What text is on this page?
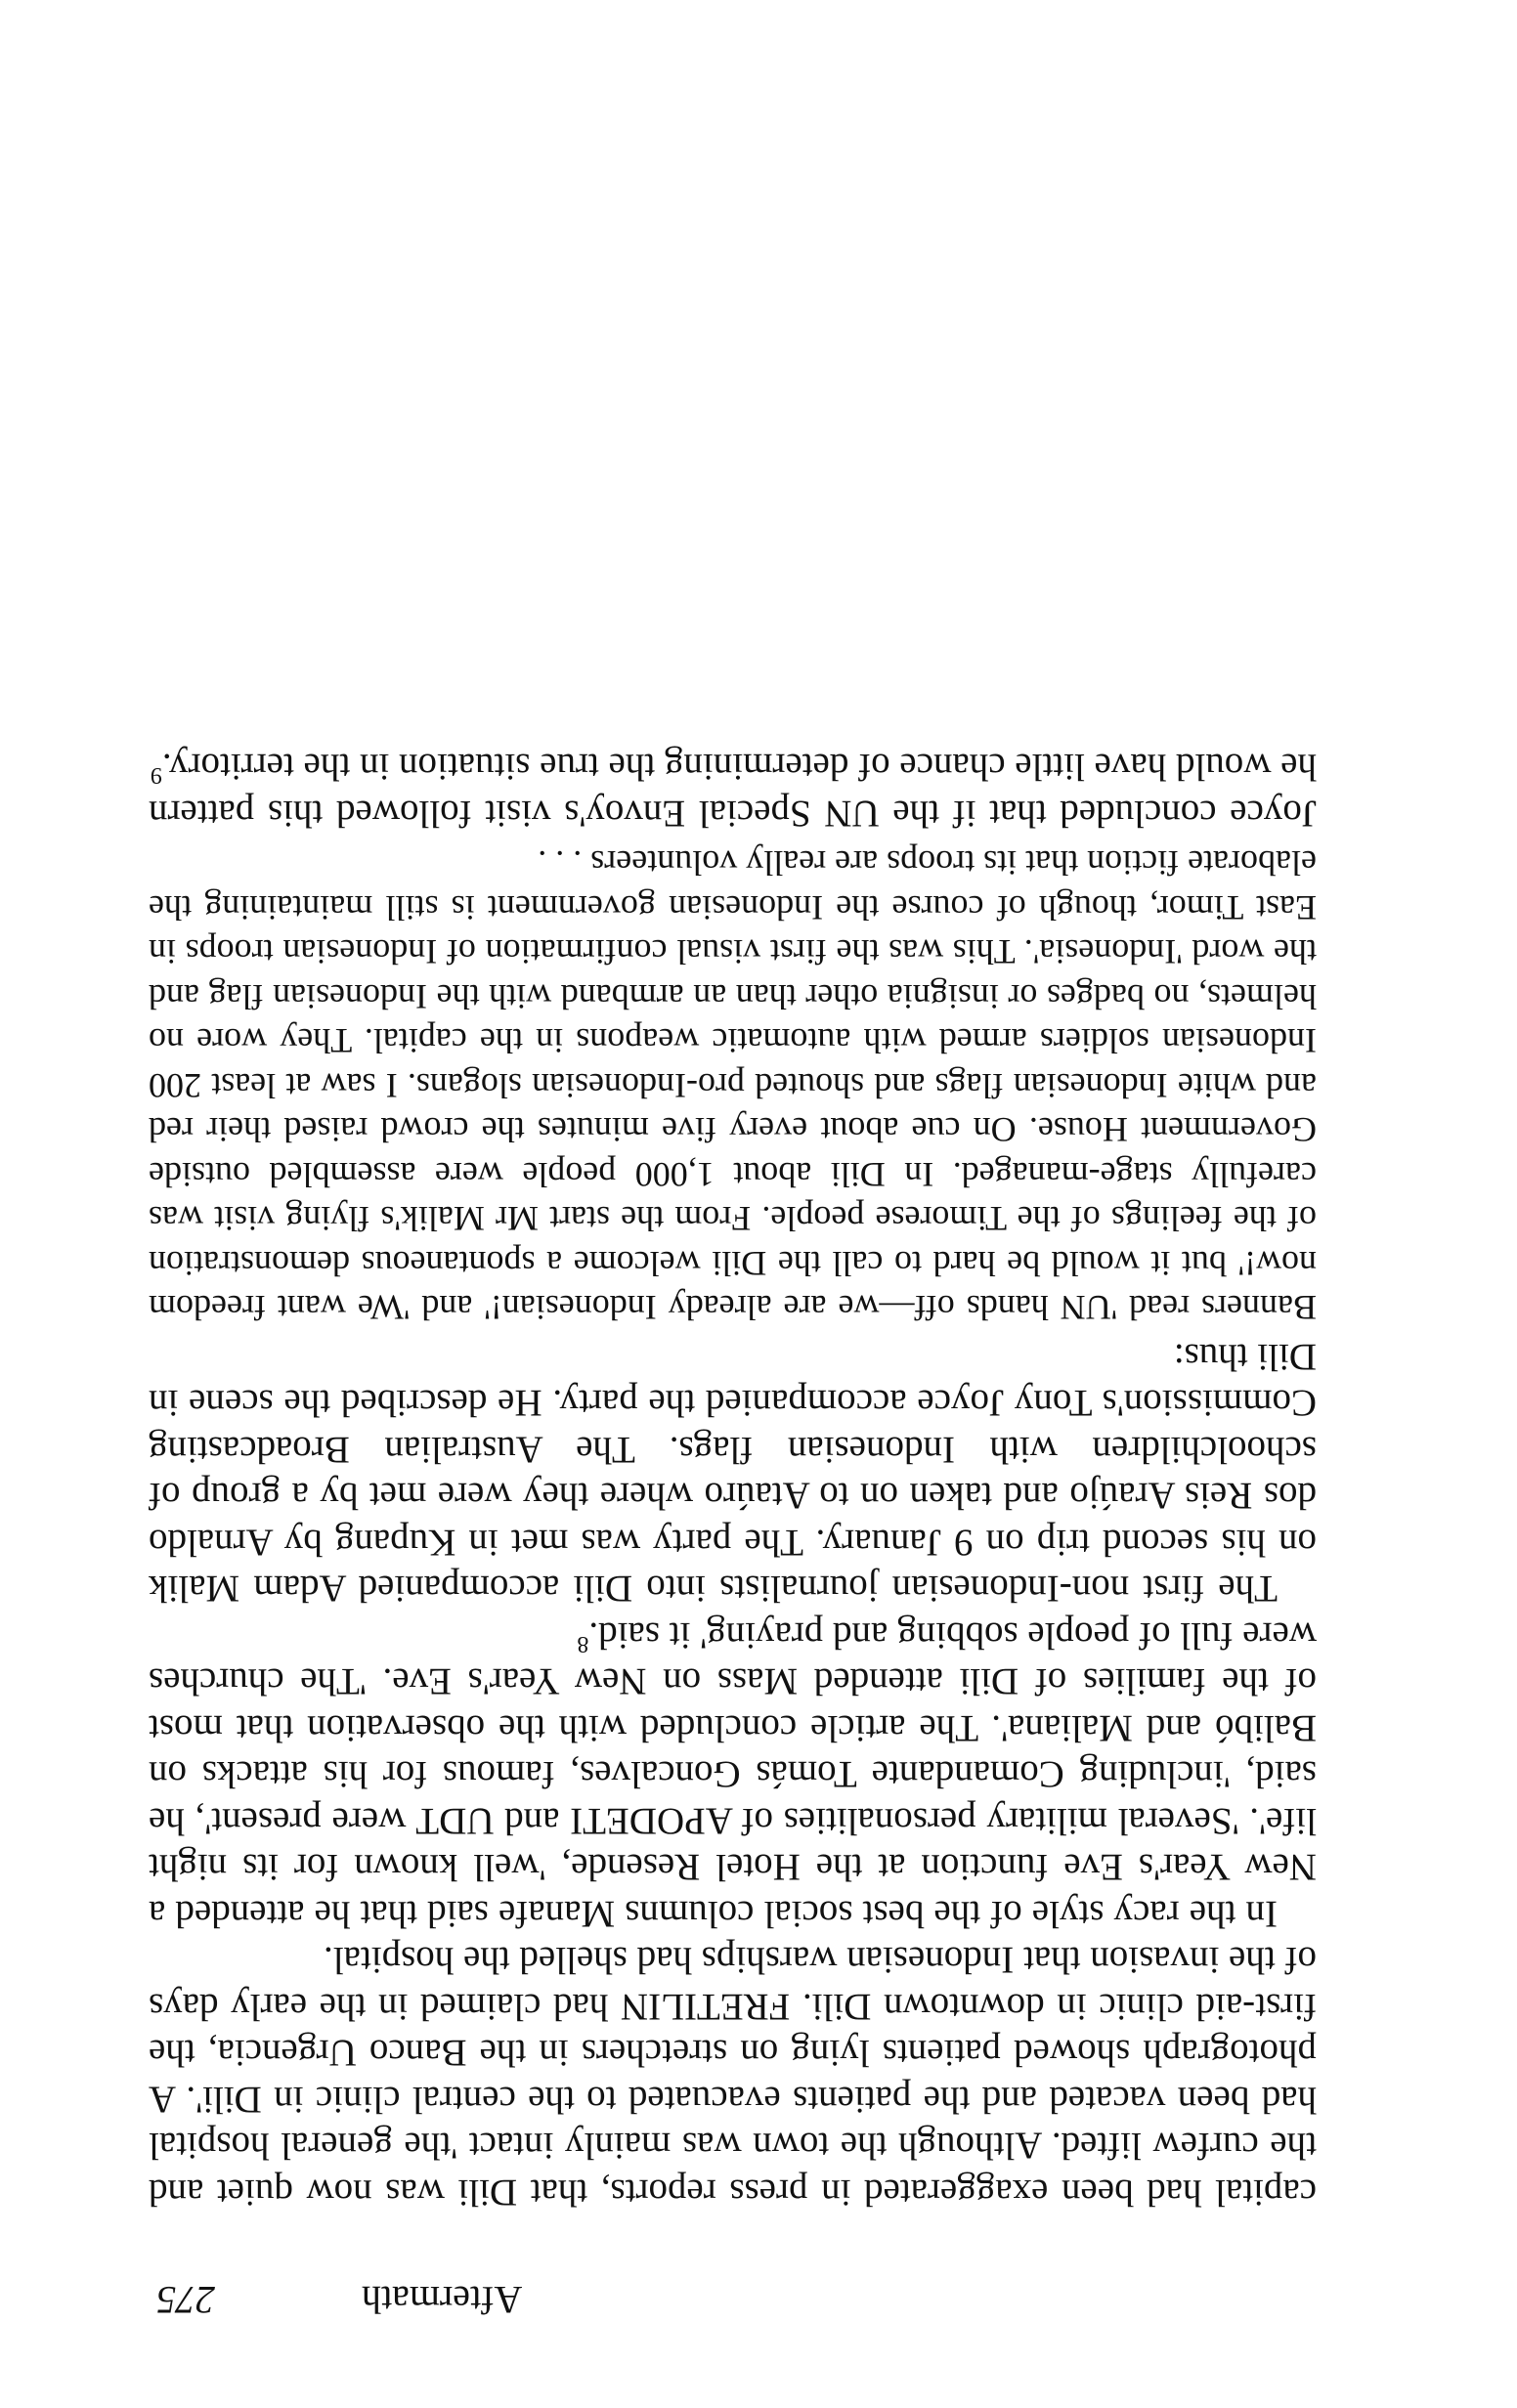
Aftermath
275

capital had been exaggerated in press reports, that Dili was now quiet and the curfew lifted. Although the town was mainly intact 'the general hospital had been vacated and the patients evacuated to the central clinic in Dili'. A photograph showed patients lying on stretchers in the Banco Urgencia, the first-aid clinic in downtown Dili. FRETILIN had claimed in the early days of the invasion that Indonesian warships had shelled the hospital.

In the racy style of the best social columns Manafe said that he attended a New Year's Eve function at the Hotel Resende, 'well known for its night life'. 'Several military personalities of APODETI and UDT were present', he said, 'including Comandante Tomás Goncalves, famous for his attacks on Balibó and Maliana'. The article concluded with the observation that most of the families of Dili attended Mass on New Year's Eve. 'The churches were full of people sobbing and praying' it said.$^8$

The first non-Indonesian journalists into Dili accompanied Adam Malik on his second trip on 9 January. The party was met in Kupang by Arnaldo dos Reis Araújo and taken on to Ataúro where they were met by a group of schoolchildren with Indonesian flags. The Australian Broadcasting Commission's Tony Joyce accompanied the party. He described the scene in Dili thus:

Banners read 'UN hands off—we are already Indonesian!' and 'We want freedom now!' but it would be hard to call the Dili welcome a spontaneous demonstration of the feelings of the Timorese people. From the start Mr Malik's flying visit was carefully stage-managed. In Dili about 1,000 people were assembled outside Government House. On cue about every five minutes the crowd raised their red and white Indonesian flags and shouted pro-Indonesian slogans. I saw at least 200 Indonesian soldiers armed with automatic weapons in the capital. They wore no helmets, no badges or insignia other than an armband with the Indonesian flag and the word 'Indonesia'. This was the first visual confirmation of Indonesian troops in East Timor, though of course the Indonesian government is still maintaining the elaborate fiction that its troops are really volunteers . . .

Joyce concluded that if the UN Special Envoy's visit followed this pattern he would have little chance of determining the true situation in the territory.$^9$
